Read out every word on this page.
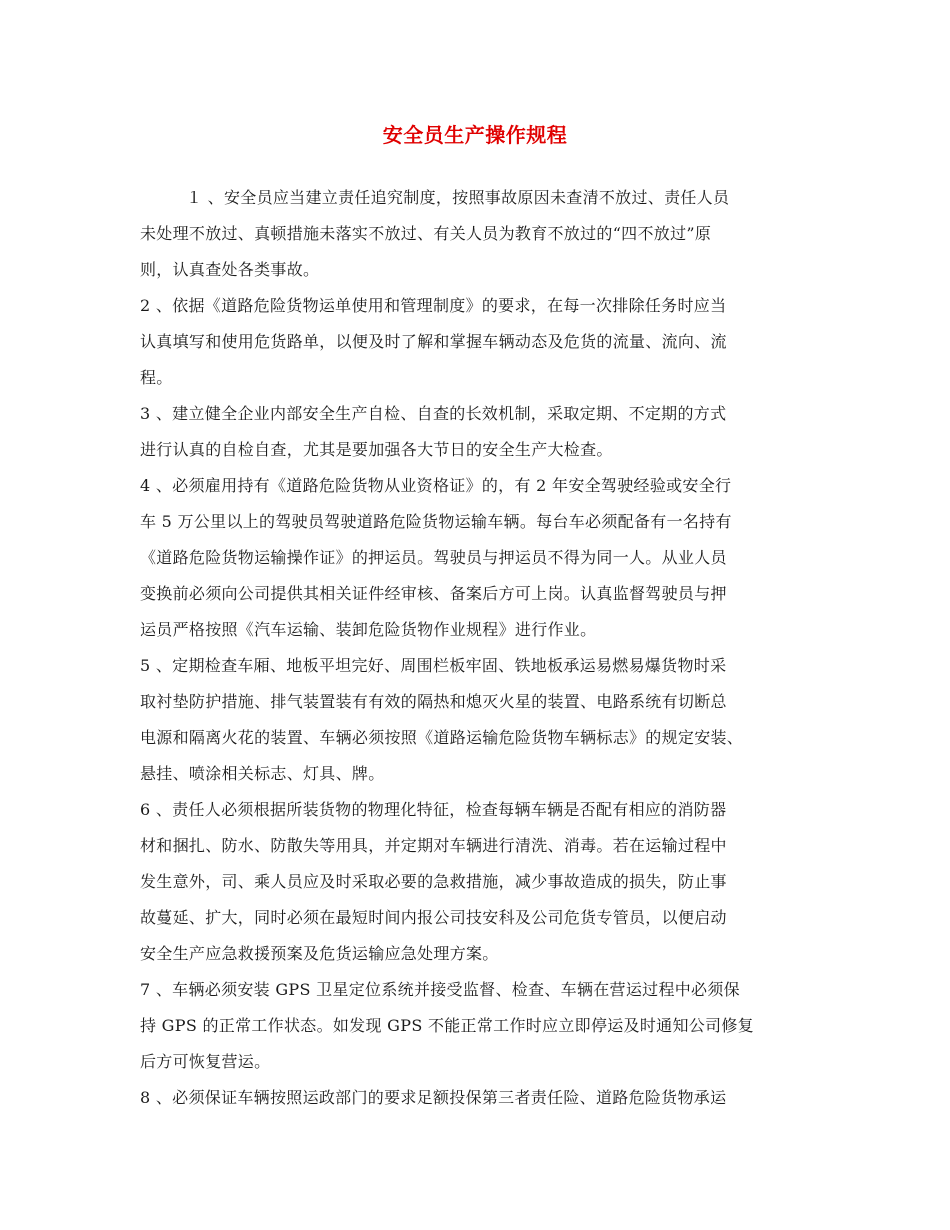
安全员生产操作规程
１ 、安全员应当建立责任追究制度，按照事故原因未查清不放过、责任人员
未处理不放过、真顿措施未落实不放过、有关人员为教育不放过的“四不放过”原
则，认真查处各类事故。
2 、依据《道路危险货物运单使用和管理制度》的要求，在每一次排除任务时应当
认真填写和使用危货路单，以便及时了解和掌握车辆动态及危货的流量、流向、流
程。
3 、建立健全企业内部安全生产自检、自查的长效机制，采取定期、不定期的方式
进行认真的自检自查，尤其是要加强各大节日的安全生产大检查。
4 、必须雇用持有《道路危险货物从业资格证》的，有 2 年安全驾驶经验或安全行
车 5 万公里以上的驾驶员驾驶道路危险货物运输车辆。每台车必须配备有一名持有
《道路危险货物运输操作证》的押运员。驾驶员与押运员不得为同一人。从业人员
变换前必须向公司提供其相关证件经审核、备案后方可上岗。认真监督驾驶员与押
运员严格按照《汽车运输、装卸危险货物作业规程》进行作业。
5 、定期检查车厢、地板平坦完好、周围栏板牢固、铁地板承运易燃易爆货物时采
取衬垫防护措施、排气装置装有有效的隔热和熄灭火星的装置、电路系统有切断总
电源和隔离火花的装置、车辆必须按照《道路运输危险货物车辆标志》的规定安装、
悬挂、喷涂相关标志、灯具、牌。
6 、责任人必须根据所装货物的物理化特征，检查每辆车辆是否配有相应的消防器
材和捆扎、防水、防散失等用具，并定期对车辆进行清洗、消毒。若在运输过程中
发生意外，司、乘人员应及时采取必要的急救措施，减少事故造成的损失，防止事
故蔓延、扩大，同时必须在最短时间内报公司技安科及公司危货专管员，以便启动
安全生产应急救援预案及危货运输应急处理方案。
7 、车辆必须安装 GPS 卫星定位系统并接受监督、检查、车辆在营运过程中必须保
持 GPS 的正常工作状态。如发现 GPS 不能正常工作时应立即停运及时通知公司修复
后方可恢复营运。
8 、必须保证车辆按照运政部门的要求足额投保第三者责任险、道路危险货物承运
